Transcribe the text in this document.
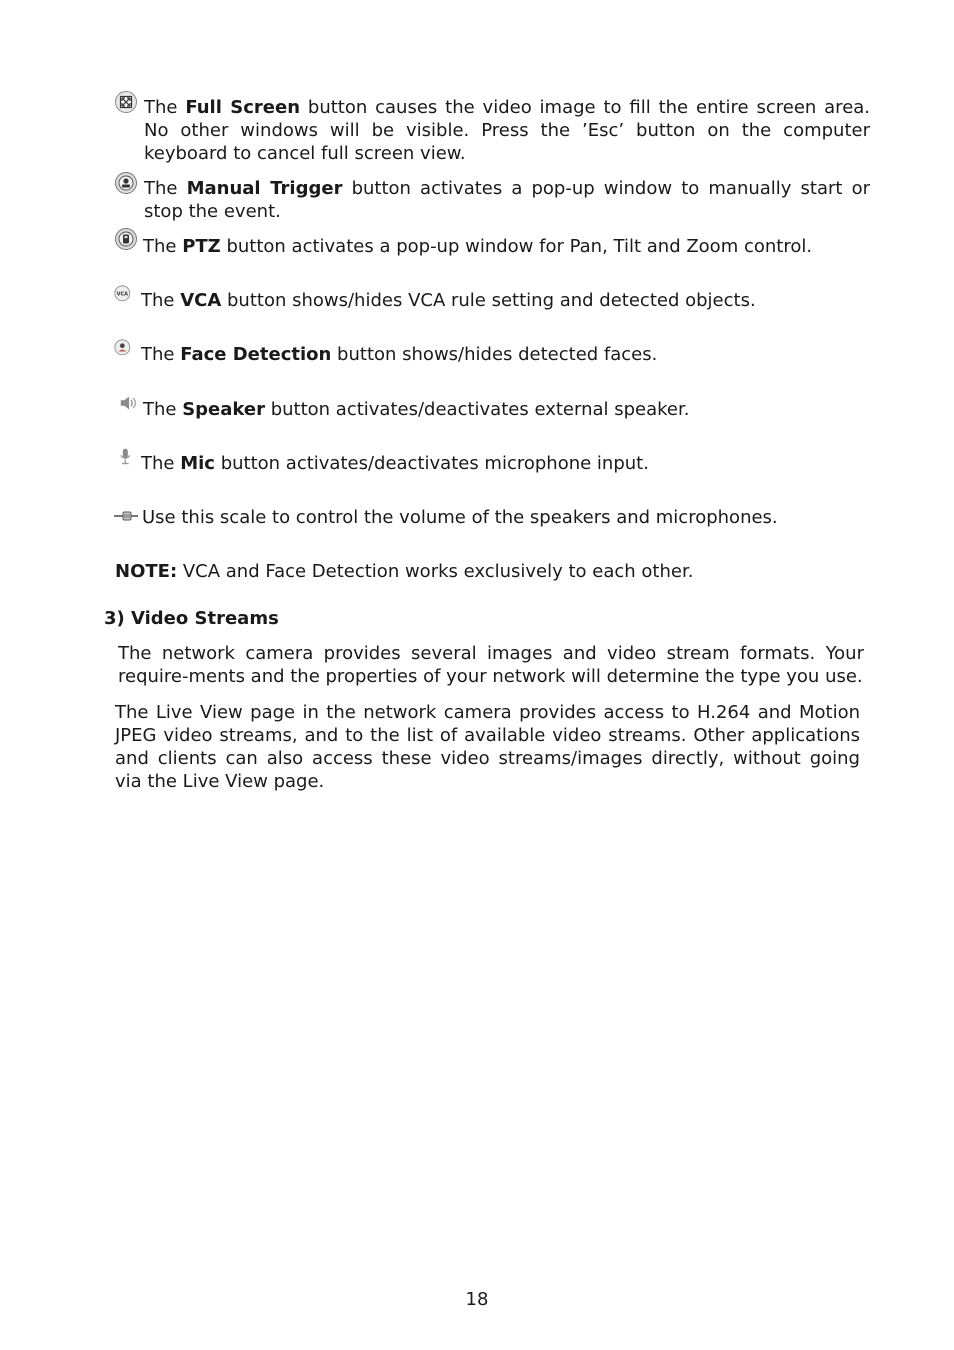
The Full Screen button causes the video image to fill the entire screen area. No other windows will be visible. Press the ’Esc’ button on the computer keyboard to cancel full screen view.
The Manual Trigger button activates a pop-up window to manually start or stop the event.
The PTZ button activates a pop-up window for Pan, Tilt and Zoom control.
VCA The VCA button shows/hides VCA rule setting and detected objects.
The Face Detection button shows/hides detected faces.
The Speaker button activates/deactivates external speaker.
The Mic button activates/deactivates microphone input.
Use this scale to control the volume of the speakers and microphones.
NOTE: VCA and Face Detection works exclusively to each other.
3) Video Streams
The network camera provides several images and video stream formats. Your require-ments and the properties of your network will determine the type you use.
The Live View page in the network camera provides access to H.264 and Motion JPEG video streams, and to the list of available video streams. Other applications and clients can also access these video streams/images directly, without going via the Live View page.
18
